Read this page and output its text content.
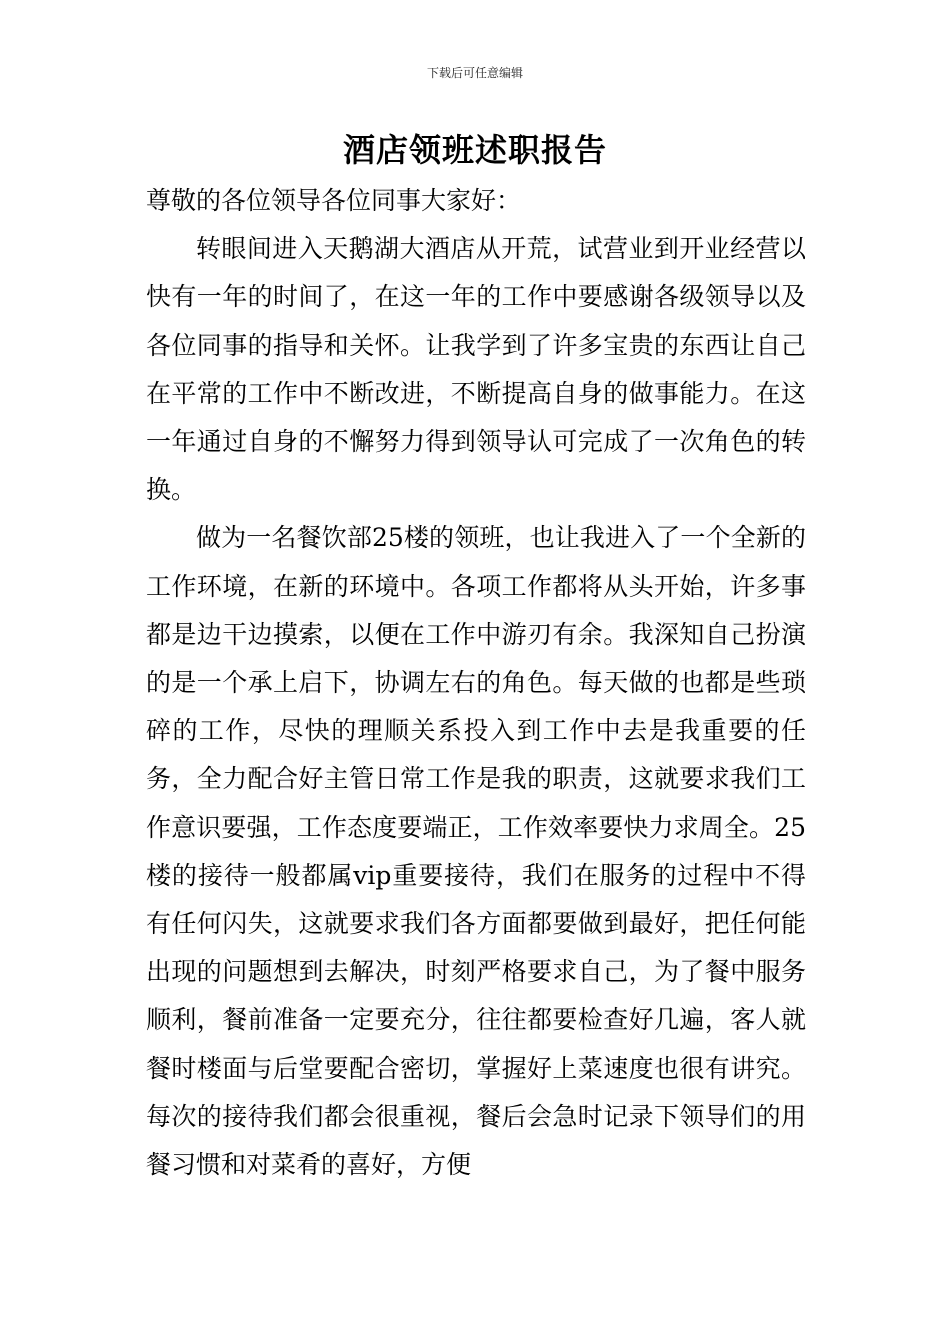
下载后可任意编辑
酒店领班述职报告

尊敬的各位领导各位同事大家好：

转眼间进入天鹅湖大酒店从开荒，试营业到开业经营以快有一年的时间了，在这一年的工作中要感谢各级领导以及各位同事的指导和关怀。让我学到了许多宝贵的东西让自己在平常的工作中不断改进，不断提高自身的做事能力。在这一年通过自身的不懈努力得到领导认可完成了一次角色的转换。

做为一名餐饮部25楼的领班，也让我进入了一个全新的工作环境，在新的环境中。各项工作都将从头开始，许多事都是边干边摸索，以便在工作中游刃有余。我深知自己扮演的是一个承上启下，协调左右的角色。每天做的也都是些琐碎的工作，尽快的理顺关系投入到工作中去是我重要的任务，全力配合好主管日常工作是我的职责，这就要求我们工作意识要强，工作态度要端正，工作效率要快力求周全。25楼的接待一般都属vip重要接待，我们在服务的过程中不得有任何闪失，这就要求我们各方面都要做到最好，把任何能出现的问题想到去解决，时刻严格要求自己，为了餐中服务顺利，餐前准备一定要充分，往往都要检查好几遍，客人就餐时楼面与后堂要配合密切，掌握好上菜速度也很有讲究。每次的接待我们都会很重视，餐后会急时记录下领导们的用餐习惯和对菜肴的喜好，方便
